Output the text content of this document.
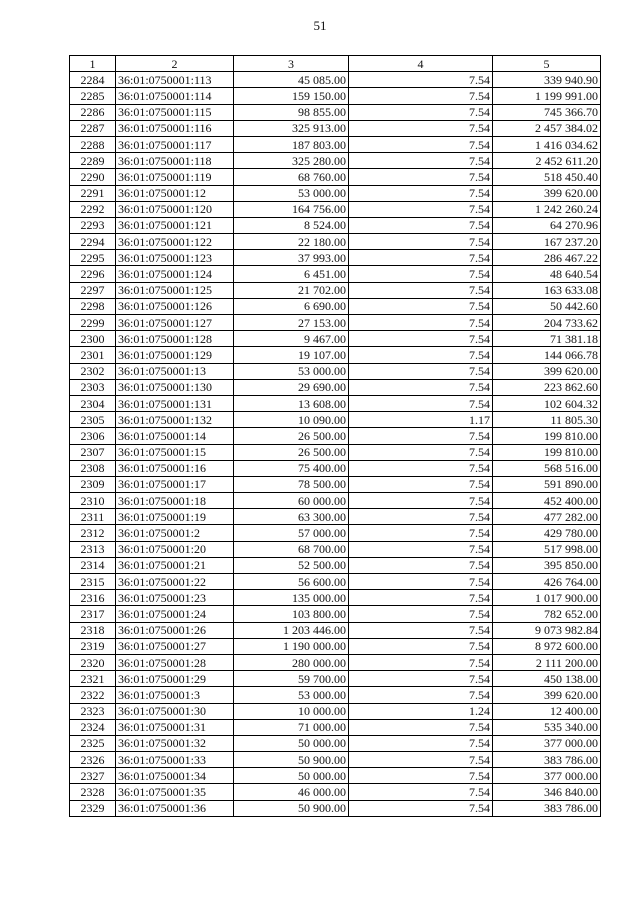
51
1	2	3	4	5
2284	36:01:0750001:113	45 085.00	7.54	339 940.90
2285	36:01:0750001:114	159 150.00	7.54	1 199 991.00
2286	36:01:0750001:115	98 855.00	7.54	745 366.70
2287	36:01:0750001:116	325 913.00	7.54	2 457 384.02
2288	36:01:0750001:117	187 803.00	7.54	1 416 034.62
2289	36:01:0750001:118	325 280.00	7.54	2 452 611.20
2290	36:01:0750001:119	68 760.00	7.54	518 450.40
2291	36:01:0750001:12	53 000.00	7.54	399 620.00
2292	36:01:0750001:120	164 756.00	7.54	1 242 260.24
2293	36:01:0750001:121	8 524.00	7.54	64 270.96
2294	36:01:0750001:122	22 180.00	7.54	167 237.20
2295	36:01:0750001:123	37 993.00	7.54	286 467.22
2296	36:01:0750001:124	6 451.00	7.54	48 640.54
2297	36:01:0750001:125	21 702.00	7.54	163 633.08
2298	36:01:0750001:126	6 690.00	7.54	50 442.60
2299	36:01:0750001:127	27 153.00	7.54	204 733.62
2300	36:01:0750001:128	9 467.00	7.54	71 381.18
2301	36:01:0750001:129	19 107.00	7.54	144 066.78
2302	36:01:0750001:13	53 000.00	7.54	399 620.00
2303	36:01:0750001:130	29 690.00	7.54	223 862.60
2304	36:01:0750001:131	13 608.00	7.54	102 604.32
2305	36:01:0750001:132	10 090.00	1.17	11 805.30
2306	36:01:0750001:14	26 500.00	7.54	199 810.00
2307	36:01:0750001:15	26 500.00	7.54	199 810.00
2308	36:01:0750001:16	75 400.00	7.54	568 516.00
2309	36:01:0750001:17	78 500.00	7.54	591 890.00
2310	36:01:0750001:18	60 000.00	7.54	452 400.00
2311	36:01:0750001:19	63 300.00	7.54	477 282.00
2312	36:01:0750001:2	57 000.00	7.54	429 780.00
2313	36:01:0750001:20	68 700.00	7.54	517 998.00
2314	36:01:0750001:21	52 500.00	7.54	395 850.00
2315	36:01:0750001:22	56 600.00	7.54	426 764.00
2316	36:01:0750001:23	135 000.00	7.54	1 017 900.00
2317	36:01:0750001:24	103 800.00	7.54	782 652.00
2318	36:01:0750001:26	1 203 446.00	7.54	9 073 982.84
2319	36:01:0750001:27	1 190 000.00	7.54	8 972 600.00
2320	36:01:0750001:28	280 000.00	7.54	2 111 200.00
2321	36:01:0750001:29	59 700.00	7.54	450 138.00
2322	36:01:0750001:3	53 000.00	7.54	399 620.00
2323	36:01:0750001:30	10 000.00	1.24	12 400.00
2324	36:01:0750001:31	71 000.00	7.54	535 340.00
2325	36:01:0750001:32	50 000.00	7.54	377 000.00
2326	36:01:0750001:33	50 900.00	7.54	383 786.00
2327	36:01:0750001:34	50 000.00	7.54	377 000.00
2328	36:01:0750001:35	46 000.00	7.54	346 840.00
2329	36:01:0750001:36	50 900.00	7.54	383 786.00
